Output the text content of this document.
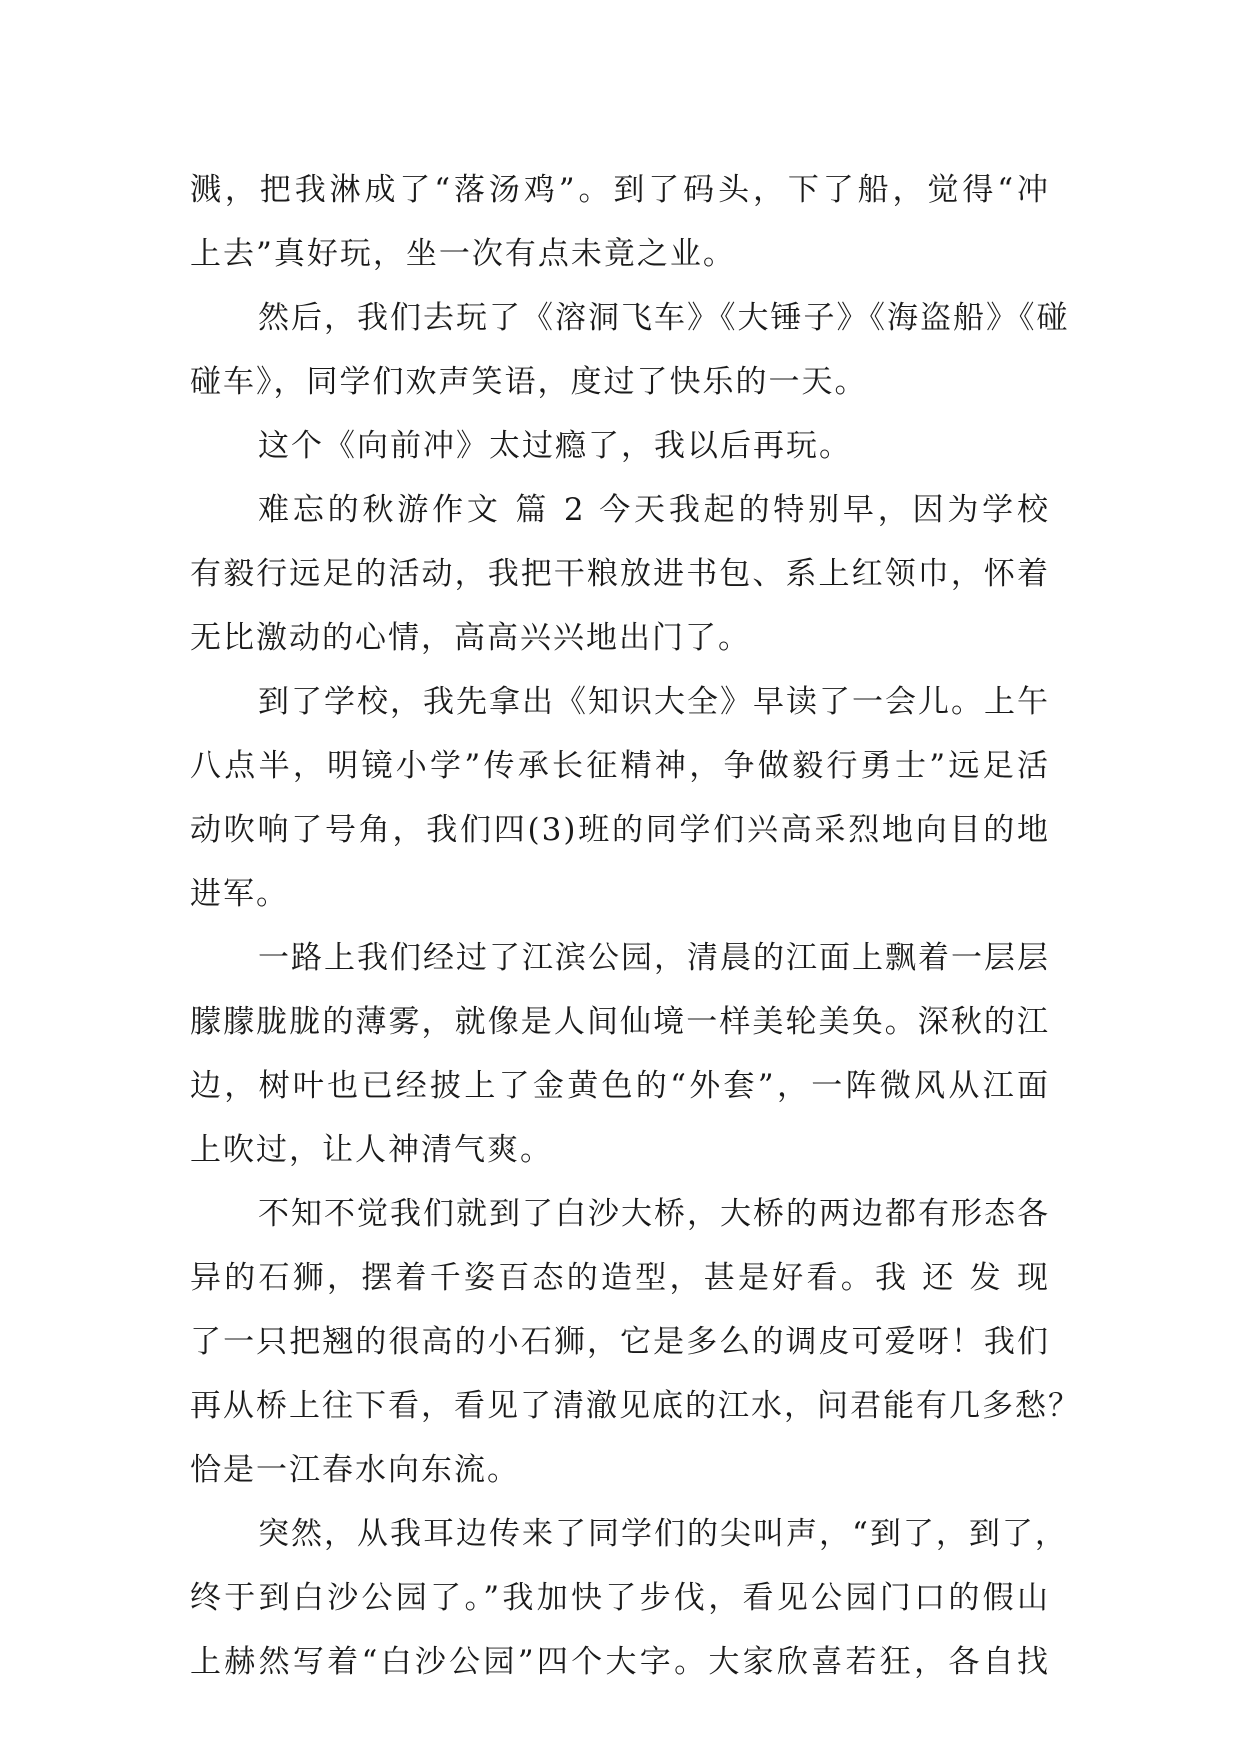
溅，把我淋成了“落汤鸡”。到了码头，下了船，觉得“冲
上去”真好玩，坐一次有点未竟之业。
然后，我们去玩了《溶洞飞车》《大锤子》《海盗船》《碰
碰车》，同学们欢声笑语，度过了快乐的一天。
这个《向前冲》太过瘾了，我以后再玩。
难忘的秋游作文 篇 2 今天我起的特别早，因为学校
有毅行远足的活动，我把干粮放进书包、系上红领巾，怀着
无比激动的心情，高高兴兴地出门了。
到了学校，我先拿出《知识大全》早读了一会儿。上午
八点半，明镜小学”传承长征精神，争做毅行勇士”远足活
动吹响了号角，我们四(3)班的同学们兴高采烈地向目的地
进军。
一路上我们经过了江滨公园，清晨的江面上飘着一层层
朦朦胧胧的薄雾，就像是人间仙境一样美轮美奂。深秋的江
边，树叶也已经披上了金黄色的“外套”，一阵微风从江面
上吹过，让人神清气爽。
不知不觉我们就到了白沙大桥，大桥的两边都有形态各
异的石狮，摆着千姿百态的造型，甚是好看。我 还 发 现
了一只把翘的很高的小石狮，它是多么的调皮可爱呀！我们
再从桥上往下看，看见了清澈见底的江水，问君能有几多愁？
恰是一江春水向东流。
突然，从我耳边传来了同学们的尖叫声，“到了，到了，
终于到白沙公园了。”我加快了步伐，看见公园门口的假山
上赫然写着“白沙公园”四个大字。大家欣喜若狂，各自找
